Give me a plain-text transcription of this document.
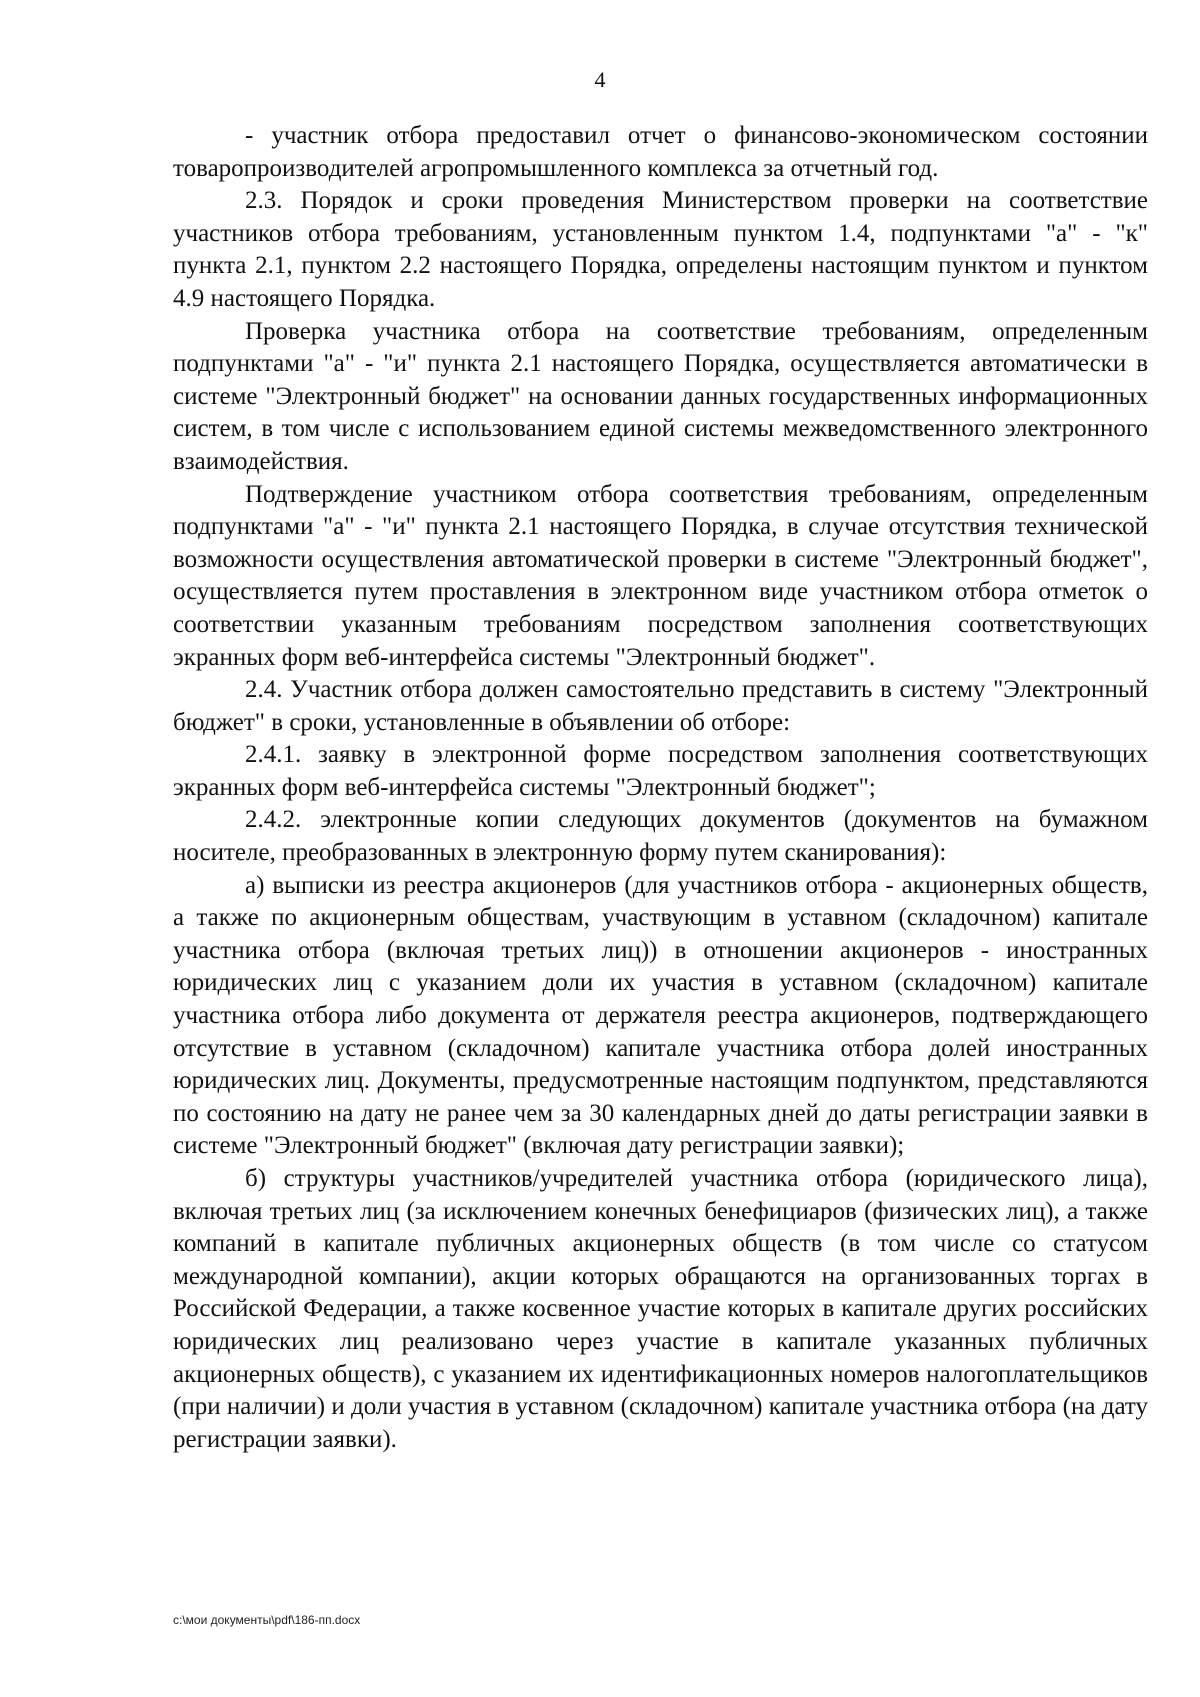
4

- участник отбора предоставил отчет о финансово-экономическом состоянии товаропроизводителей агропромышленного комплекса за отчетный год.

2.3. Порядок и сроки проведения Министерством проверки на соответствие участников отбора требованиям, установленным пунктом 1.4, подпунктами "а" - "к" пункта 2.1, пунктом 2.2 настоящего Порядка, определены настоящим пунктом и пунктом 4.9 настоящего Порядка.

Проверка участника отбора на соответствие требованиям, определенным подпунктами "а" - "и" пункта 2.1 настоящего Порядка, осуществляется автоматически в системе "Электронный бюджет" на основании данных государственных информационных систем, в том числе с использованием единой системы межведомственного электронного взаимодействия.

Подтверждение участником отбора соответствия требованиям, определенным подпунктами "а" - "и" пункта 2.1 настоящего Порядка, в случае отсутствия технической возможности осуществления автоматической проверки в системе "Электронный бюджет", осуществляется путем проставления в электронном виде участником отбора отметок о соответствии указанным требованиям посредством заполнения соответствующих экранных форм веб-интерфейса системы "Электронный бюджет".

2.4. Участник отбора должен самостоятельно представить в систему "Электронный бюджет" в сроки, установленные в объявлении об отборе:

2.4.1. заявку в электронной форме посредством заполнения соответствующих экранных форм веб-интерфейса системы "Электронный бюджет";

2.4.2. электронные копии следующих документов (документов на бумажном носителе, преобразованных в электронную форму путем сканирования):

а) выписки из реестра акционеров (для участников отбора - акционерных обществ, а также по акционерным обществам, участвующим в уставном (складочном) капитале участника отбора (включая третьих лиц)) в отношении акционеров - иностранных юридических лиц с указанием доли их участия в уставном (складочном) капитале участника отбора либо документа от держателя реестра акционеров, подтверждающего отсутствие в уставном (складочном) капитале участника отбора долей иностранных юридических лиц. Документы, предусмотренные настоящим подпунктом, представляются по состоянию на дату не ранее чем за 30 календарных дней до даты регистрации заявки в системе "Электронный бюджет" (включая дату регистрации заявки);

б) структуры участников/учредителей участника отбора (юридического лица), включая третьих лиц (за исключением конечных бенефициаров (физических лиц), а также компаний в капитале публичных акционерных обществ (в том числе со статусом международной компании), акции которых обращаются на организованных торгах в Российской Федерации, а также косвенное участие которых в капитале других российских юридических лиц реализовано через участие в капитале указанных публичных акционерных обществ), с указанием их идентификационных номеров налогоплательщиков (при наличии) и доли участия в уставном (складочном) капитале участника отбора (на дату регистрации заявки).

c:\мои документы\pdf\186-пп.docx
